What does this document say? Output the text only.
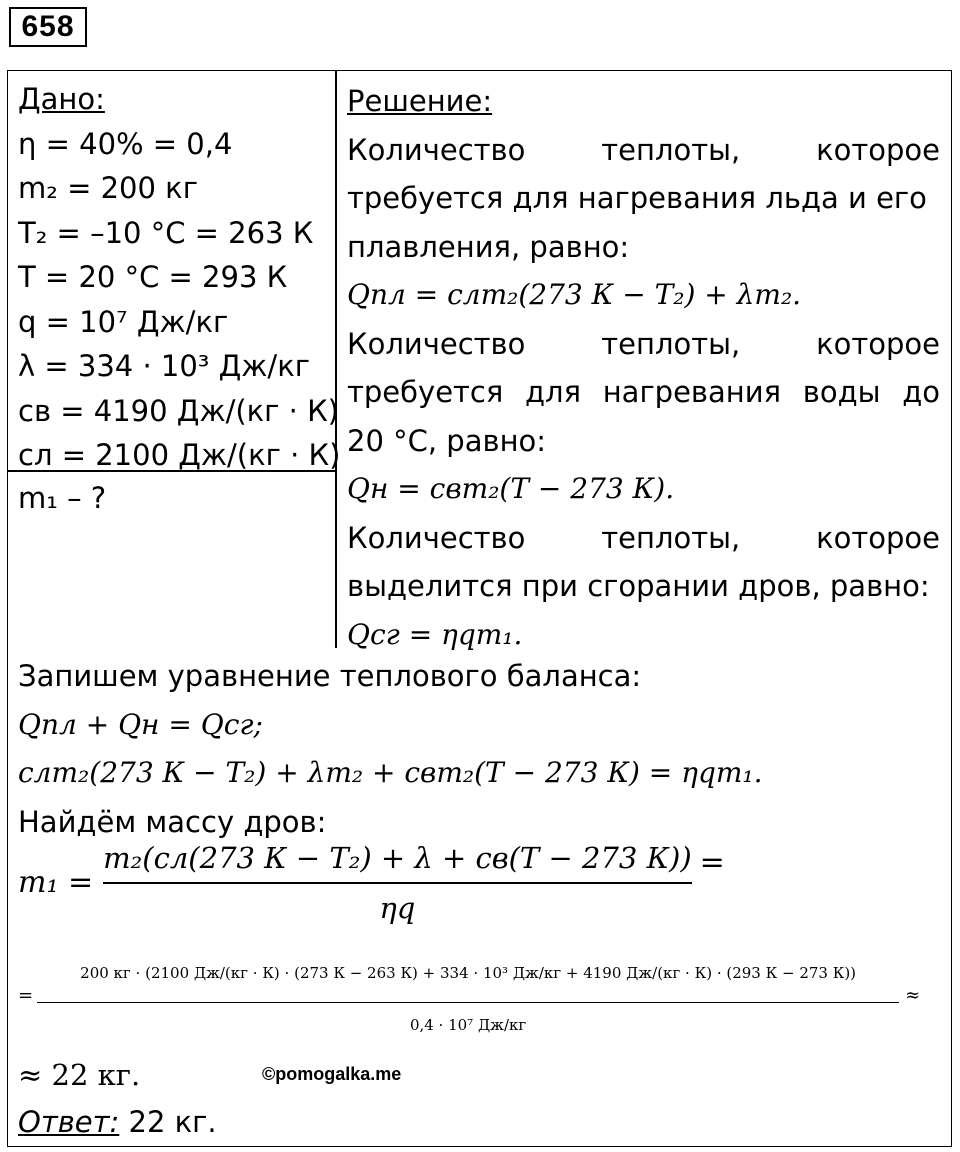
658
Дано:
η = 40% = 0,4
m₂ = 200 кг
T₂ = –10 °C = 263 К
T = 20 °C = 293 К
q = 10⁷ Дж/кг
λ = 334 · 10³ Дж/кг
cв = 4190 Дж/(кг · К)
cл = 2100 Дж/(кг · К)
m₁ – ?
Решение:
Количество	теплоты,	которое
требуется для нагревания льда и его
плавления, равно:
Qпл = cлm₂(273 К − T₂) + λm₂.
Количество	теплоты,	которое
требуется для нагревания воды до
20 °C, равно:
Qн = cвm₂(T − 273 К).
Количество	теплоты,	которое
выделится при сгорании дров, равно:
Qсг = ηqm₁.
Запишем уравнение теплового баланса:
Qпл + Qн = Qсг;
cлm₂(273 К − T₂) + λm₂ + cвm₂(T − 273 К) = ηqm₁.
Найдём массу дров:
m₁ =
m₂(cл(273 К − T₂) + λ + cв(T − 273 К))
ηq
=
=
200 кг · (2100 Дж/(кг · К) · (273 К − 263 К) + 334 · 10³ Дж/кг + 4190 Дж/(кг · К) · (293 К − 273 К))
0,4 · 10⁷ Дж/кг
≈
≈ 22 кг.	©pomogalka.me
Ответ: 22 кг.
